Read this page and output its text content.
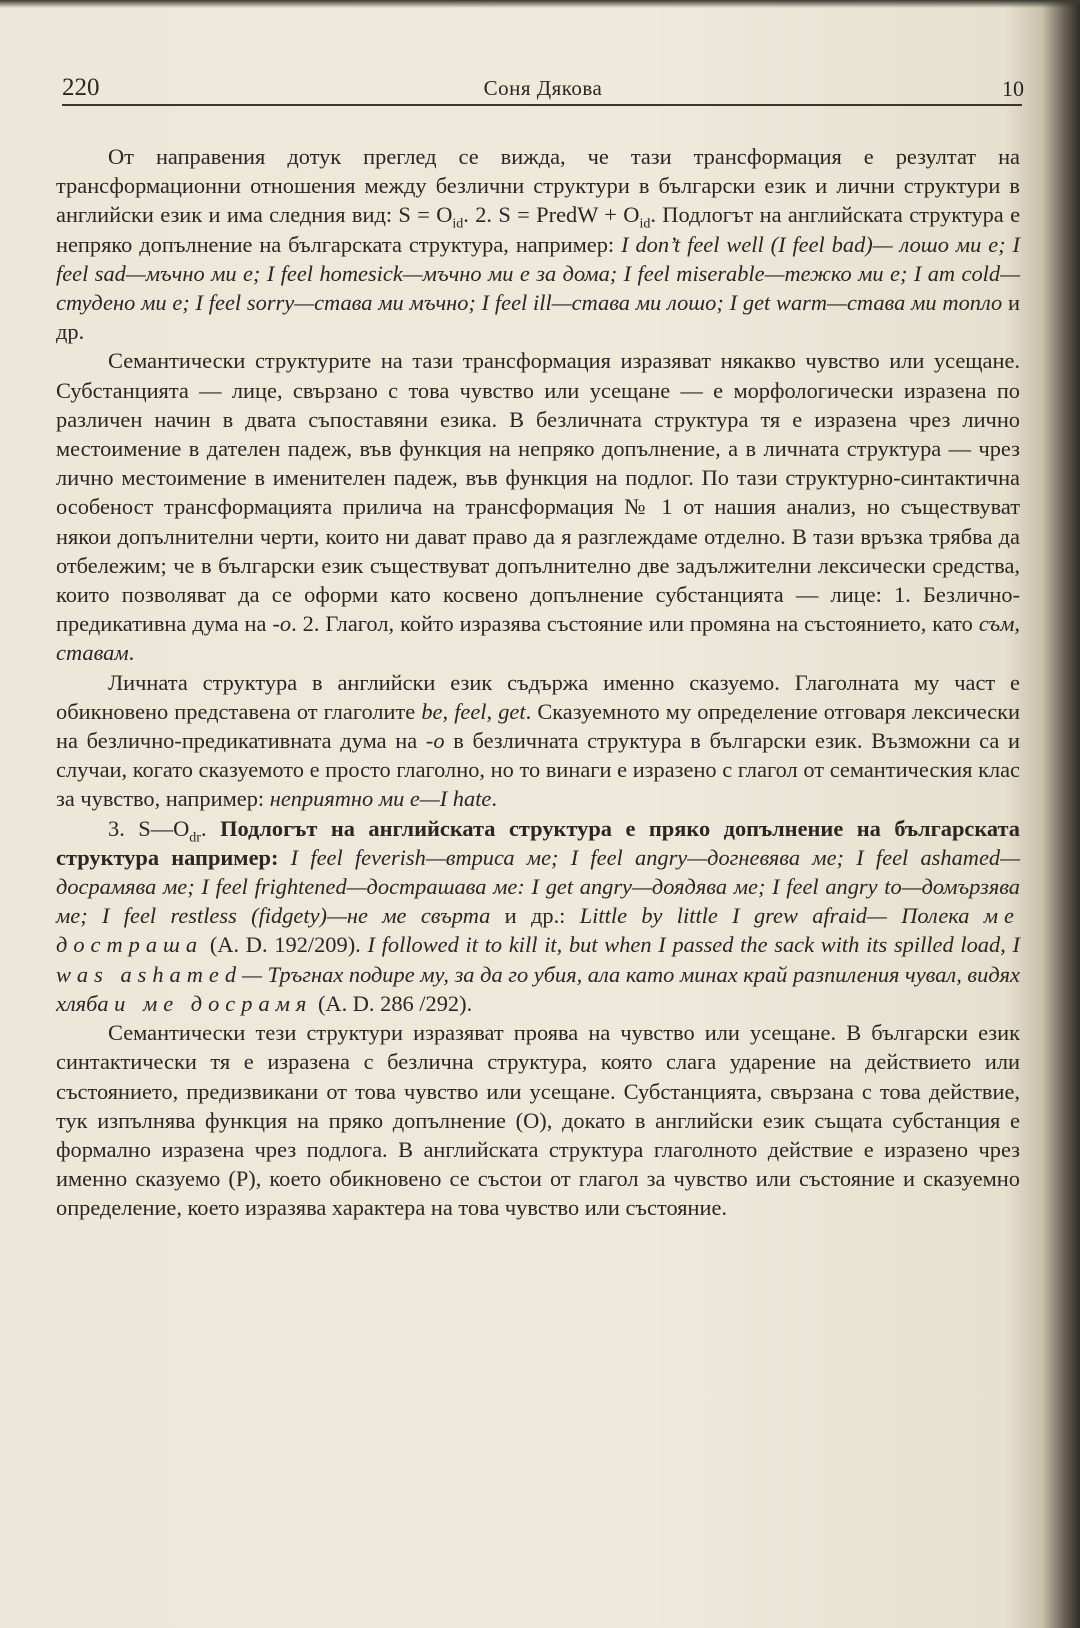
220	Соня Дякова	10

От направения дотук преглед се вижда, че тази трансформация е резултат на трансформационни отношения между безлични структури в български език и лични структури в английски език и има следния вид: $S = O_{id}$. 2. S = PredW + $O_{id}$. Подлогът на английската структура е непряко допълнение на българската структура, например: I don’t feel well (I feel bad)— лошо ми е; I feel sad—мъчно ми е; I feel homesick—мъчно ми е за дома; I feel miserable—тежко ми е; I am cold—студено ми е; I feel sorry—става ми мъчно; I feel ill—става ми лошо; I get warm—става ми топло и др.

Семантически структурите на тази трансформация изразяват някакво чувство или усещане. Субстанцията — лице, свързано с това чувство или усещане — е морфологически изразена по различен начин в двата съпоставяни езика. В безличната структура тя е изразена чрез лично местоимение в дателен падеж, във функция на непряко допълнение, а в личната структура — чрез лично местоимение в именителен падеж, във функция на подлог. По тази структурно-синтактична особеност трансформацията прилича на трансформация № 1 от нашия анализ, но съществуват някои допълнителни черти, които ни дават право да я разглеждаме отделно. В тази връзка трябва да отбележим; че в български език съществуват допълнително две задължителни лексически средства, които позволяват да се оформи като косвено допълнение субстанцията — лице: 1. Безлично-предикативна дума на -о. 2. Глагол, който изразява състояние или промяна на състоянието, като съм, ставам.

Личната структура в английски език съдържа именно сказуемо. Глаголната му част е обикновено представена от глаголите be, feel, get. Сказуемното му определение отговаря лексически на безлично-предикативната дума на -о в безличната структура в български език. Възможни са и случаи, когато сказуемото е просто глаголно, но то винаги е изразено с глагол от семантическия клас за чувство, например: неприятно ми е—I hate.

3. $S—O_{dr}$. Подлогът на английската структура е пряко допълнение на българската структура например: I feel feverish—втриса ме; I feel angry—догневява ме; I feel ashamed—досрамява ме; I feel frightened—дострашава ме: I get angry—доядява ме; I feel angry to—домързява ме; I feel restless (fidgety)—не ме свърта и др.: Little by little I grew afraid— Полека ме дострашa (A. D. 192/209). I followed it to kill it, but when I passed the sack with its spilled load, I was ashamed— Тръгнах подире му, за да го убия, ала като минах край разпиления чувал, видях хляба и ме досрамя (A. D. 286 /292).

Семантически тези структури изразяват проява на чувство или усещане. В български език синтактически тя е изразена с безлична структура, която слага ударение на действието или състоянието, предизвикани от това чувство или усещане. Субстанцията, свързана с това действие, тук изпълнява функция на пряко допълнение (O), докато в английски език същата субстанция е формално изразена чрез подлога. В английската структура глаголното действие е изразено чрез именно сказуемо (P), което обикновено се състои от глагол за чувство или състояние и сказуемно определение, което изразява характера на това чувство или състояние.
